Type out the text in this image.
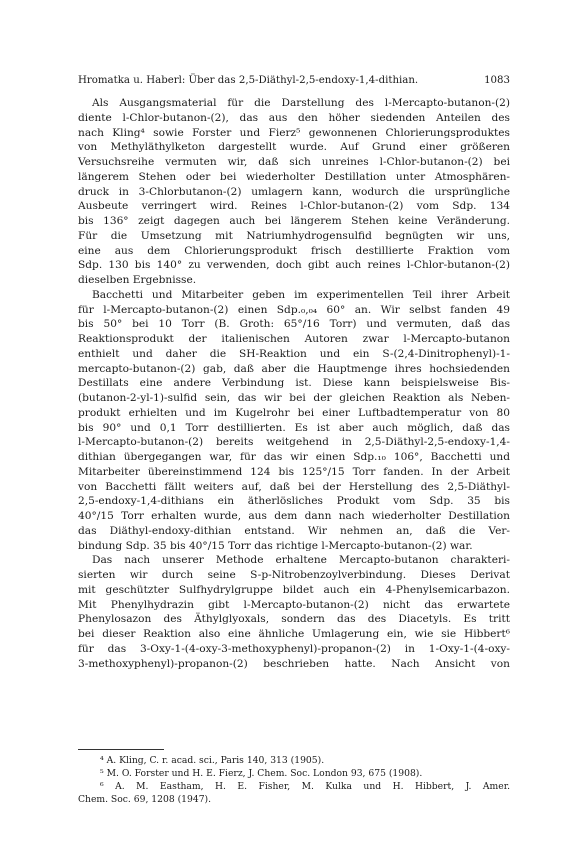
Hromatka u. Haberl: Über das 2,5-Diäthyl-2,5-endoxy-1,4-dithian.	1083
Als Ausgangsmaterial für die Darstellung des l-Mercapto-butanon-(2)
diente l-Chlor-butanon-(2), das aus den höher siedenden Anteilen des
nach Kling⁴ sowie Forster und Fierz⁵ gewonnenen Chlorierungsproduktes
von Methyläthylketon dargestellt wurde. Auf Grund einer größeren
Versuchsreihe vermuten wir, daß sich unreines l-Chlor-butanon-(2) bei
längerem Stehen oder bei wiederholter Destillation unter Atmosphären-
druck in 3-Chlorbutanon-(2) umlagern kann, wodurch die ursprüngliche
Ausbeute verringert wird. Reines l-Chlor-butanon-(2) vom Sdp. 134
bis 136° zeigt dagegen auch bei längerem Stehen keine Veränderung.
Für die Umsetzung mit Natriumhydrogensulfid begnügten wir uns,
eine aus dem Chlorierungsprodukt frisch destillierte Fraktion vom
Sdp. 130 bis 140° zu verwenden, doch gibt auch reines l-Chlor-butanon-(2)
dieselben Ergebnisse.
Bacchetti und Mitarbeiter geben im experimentellen Teil ihrer Arbeit
für l-Mercapto-butanon-(2) einen Sdp.₀,₀₄ 60° an. Wir selbst fanden 49
bis 50° bei 10 Torr (B. Groth: 65°/16 Torr) und vermuten, daß das
Reaktionsprodukt der italienischen Autoren zwar l-Mercapto-butanon
enthielt und daher die SH-Reaktion und ein S-(2,4-Dinitrophenyl)-1-
mercapto-butanon-(2) gab, daß aber die Hauptmenge ihres hochsiedenden
Destillats eine andere Verbindung ist. Diese kann beispielsweise Bis-
(butanon-2-yl-1)-sulfid sein, das wir bei der gleichen Reaktion als Neben-
produkt erhielten und im Kugelrohr bei einer Luftbadtemperatur von 80
bis 90° und 0,1 Torr destillierten. Es ist aber auch möglich, daß das
l-Mercapto-butanon-(2) bereits weitgehend in 2,5-Diäthyl-2,5-endoxy-1,4-
dithian übergegangen war, für das wir einen Sdp.₁₀ 106°, Bacchetti und
Mitarbeiter übereinstimmend 124 bis 125°/15 Torr fanden. In der Arbeit
von Bacchetti fällt weiters auf, daß bei der Herstellung des 2,5-Diäthyl-
2,5-endoxy-1,4-dithians ein ätherlösliches Produkt vom Sdp. 35 bis
40°/15 Torr erhalten wurde, aus dem dann nach wiederholter Destillation
das Diäthyl-endoxy-dithian entstand. Wir nehmen an, daß die Ver-
bindung Sdp. 35 bis 40°/15 Torr das richtige l-Mercapto-butanon-(2) war.
Das nach unserer Methode erhaltene Mercapto-butanon charakteri-
sierten wir durch seine S-p-Nitrobenzoylverbindung. Dieses Derivat
mit geschützter Sulfhydrylgruppe bildet auch ein 4-Phenylsemicarbazon.
Mit Phenylhydrazin gibt l-Mercapto-butanon-(2) nicht das erwartete
Phenylosazon des Äthylglyoxals, sondern das des Diacetyls. Es tritt
bei dieser Reaktion also eine ähnliche Umlagerung ein, wie sie Hibbert⁶
für das 3-Oxy-1-(4-oxy-3-methoxyphenyl)-propanon-(2) in 1-Oxy-1-(4-oxy-
3-methoxyphenyl)-propanon-(2) beschrieben hatte. Nach Ansicht von
⁴ A. Kling, C. r. acad. sci., Paris 140, 313 (1905).
⁵ M. O. Forster und H. E. Fierz, J. Chem. Soc. London 93, 675 (1908).
⁶ A. M. Eastham, H. E. Fisher, M. Kulka und H. Hibbert, J. Amer.
Chem. Soc. 69, 1208 (1947).
